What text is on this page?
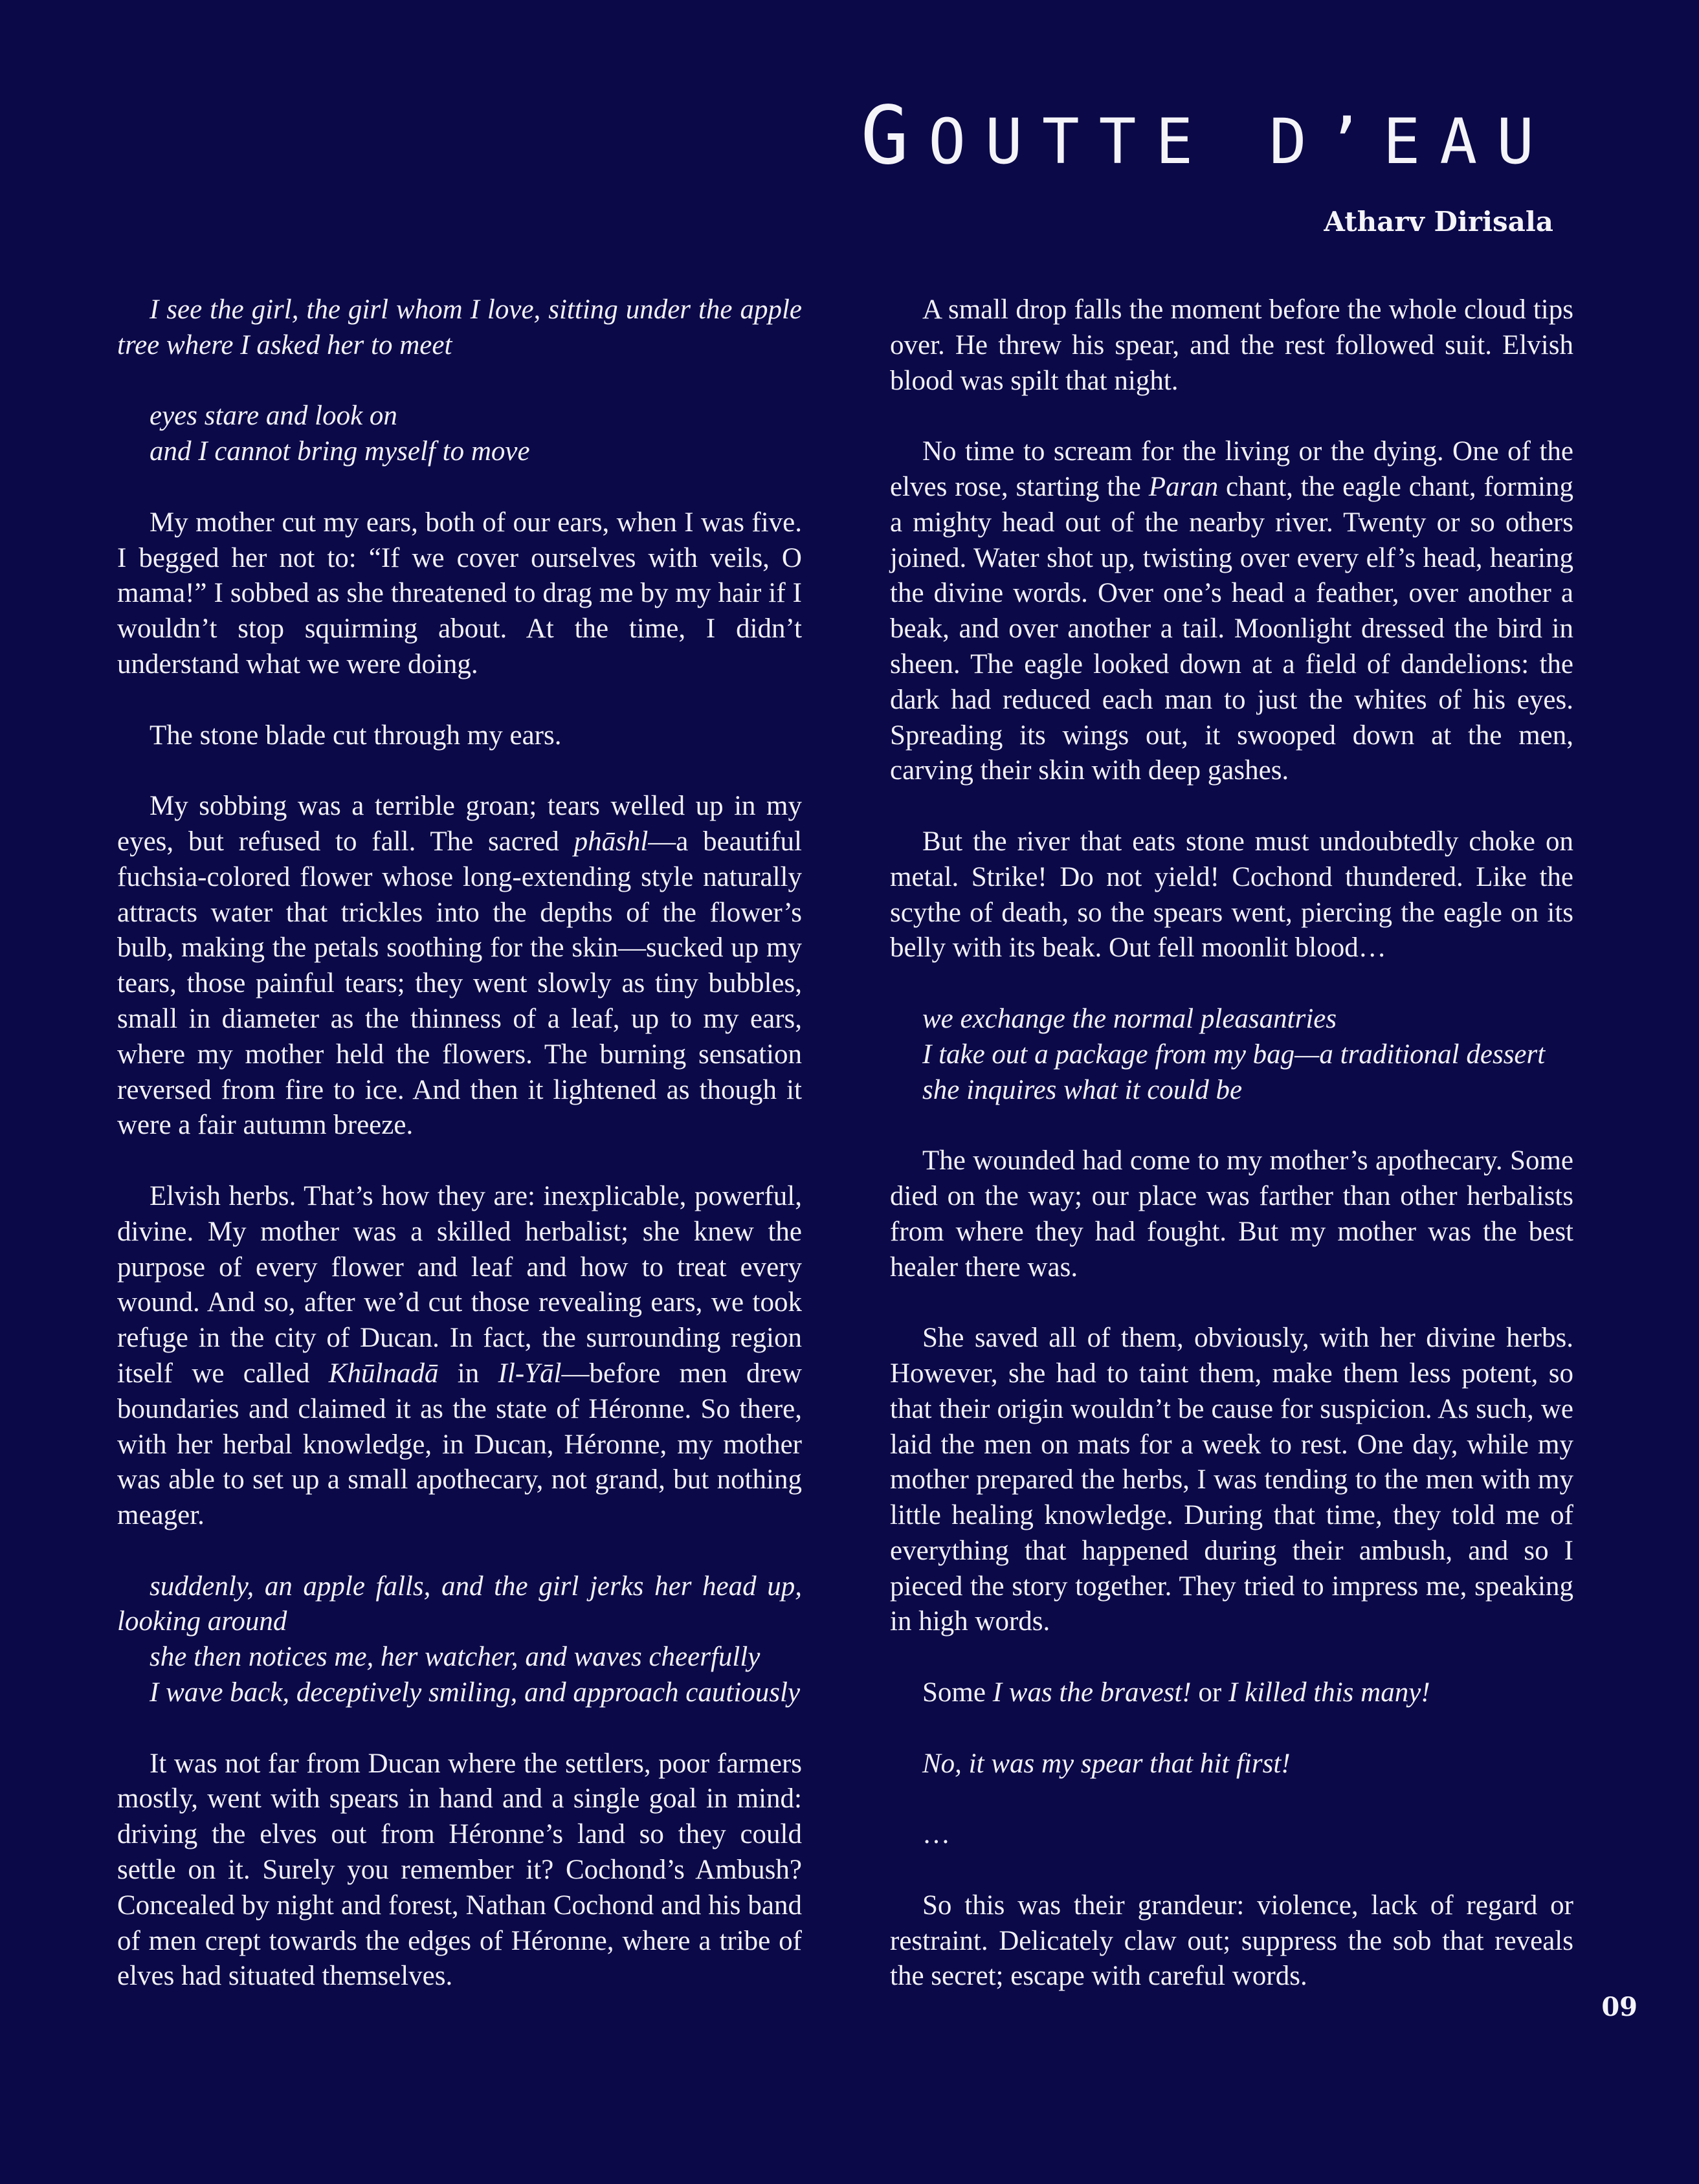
GOUTTE D’EAU
Atharv Dirisala

I see the girl, the girl whom I love, sitting under the apple tree where I asked her to meet

eyes stare and look on

and I cannot bring myself to move

My mother cut my ears, both of our ears, when I was five. I begged her not to: “If we cover ourselves with veils, O mama!” I sobbed as she threatened to drag me by my hair if I wouldn’t stop squirming about. At the time, I didn’t understand what we were doing.

The stone blade cut through my ears.

My sobbing was a terrible groan; tears welled up in my eyes, but refused to fall. The sacred phāshl—a beautiful fuchsia-colored flower whose long-extending style naturally attracts water that trickles into the depths of the flower’s bulb, making the petals soothing for the skin—sucked up my tears, those painful tears; they went slowly as tiny bubbles, small in diameter as the thinness of a leaf, up to my ears, where my mother held the flowers. The burning sensation reversed from fire to ice. And then it lightened as though it were a fair autumn breeze.

Elvish herbs. That’s how they are: inexplicable, powerful, divine. My mother was a skilled herbalist; she knew the purpose of every flower and leaf and how to treat every wound. And so, after we’d cut those revealing ears, we took refuge in the city of Ducan. In fact, the surrounding region itself we called Khūlnadā in Il-Yāl—before men drew boundaries and claimed it as the state of Héronne. So there, with her herbal knowledge, in Ducan, Héronne, my mother was able to set up a small apothecary, not grand, but nothing meager.

suddenly, an apple falls, and the girl jerks her head up, looking around

she then notices me, her watcher, and waves cheerfully

I wave back, deceptively smiling, and approach cautiously

It was not far from Ducan where the settlers, poor farmers mostly, went with spears in hand and a single goal in mind: driving the elves out from Héronne’s land so they could settle on it. Surely you remember it? Cochond’s Ambush? Concealed by night and forest, Nathan Cochond and his band of men crept towards the edges of Héronne, where a tribe of elves had situated themselves.

A small drop falls the moment before the whole cloud tips over. He threw his spear, and the rest followed suit. Elvish blood was spilt that night.

No time to scream for the living or the dying. One of the elves rose, starting the Paran chant, the eagle chant, forming a mighty head out of the nearby river. Twenty or so others joined. Water shot up, twisting over every elf’s head, hearing the divine words. Over one’s head a feather, over another a beak, and over another a tail. Moonlight dressed the bird in sheen. The eagle looked down at a field of dandelions: the dark had reduced each man to just the whites of his eyes. Spreading its wings out, it swooped down at the men, carving their skin with deep gashes.

But the river that eats stone must undoubtedly choke on metal. Strike! Do not yield! Cochond thundered. Like the scythe of death, so the spears went, piercing the eagle on its belly with its beak. Out fell moonlit blood…

we exchange the normal pleasantries

I take out a package from my bag—a traditional dessert

she inquires what it could be

The wounded had come to my mother’s apothecary. Some died on the way; our place was farther than other herbalists from where they had fought. But my mother was the best healer there was.

She saved all of them, obviously, with her divine herbs. However, she had to taint them, make them less potent, so that their origin wouldn’t be cause for suspicion. As such, we laid the men on mats for a week to rest. One day, while my mother prepared the herbs, I was tending to the men with my little healing knowledge. During that time, they told me of everything that happened during their ambush, and so I pieced the story together. They tried to impress me, speaking in high words.

Some I was the bravest! or I killed this many!

No, it was my spear that hit first!

…

So this was their grandeur: violence, lack of regard or restraint. Delicately claw out; suppress the sob that reveals the secret; escape with careful words.

09
